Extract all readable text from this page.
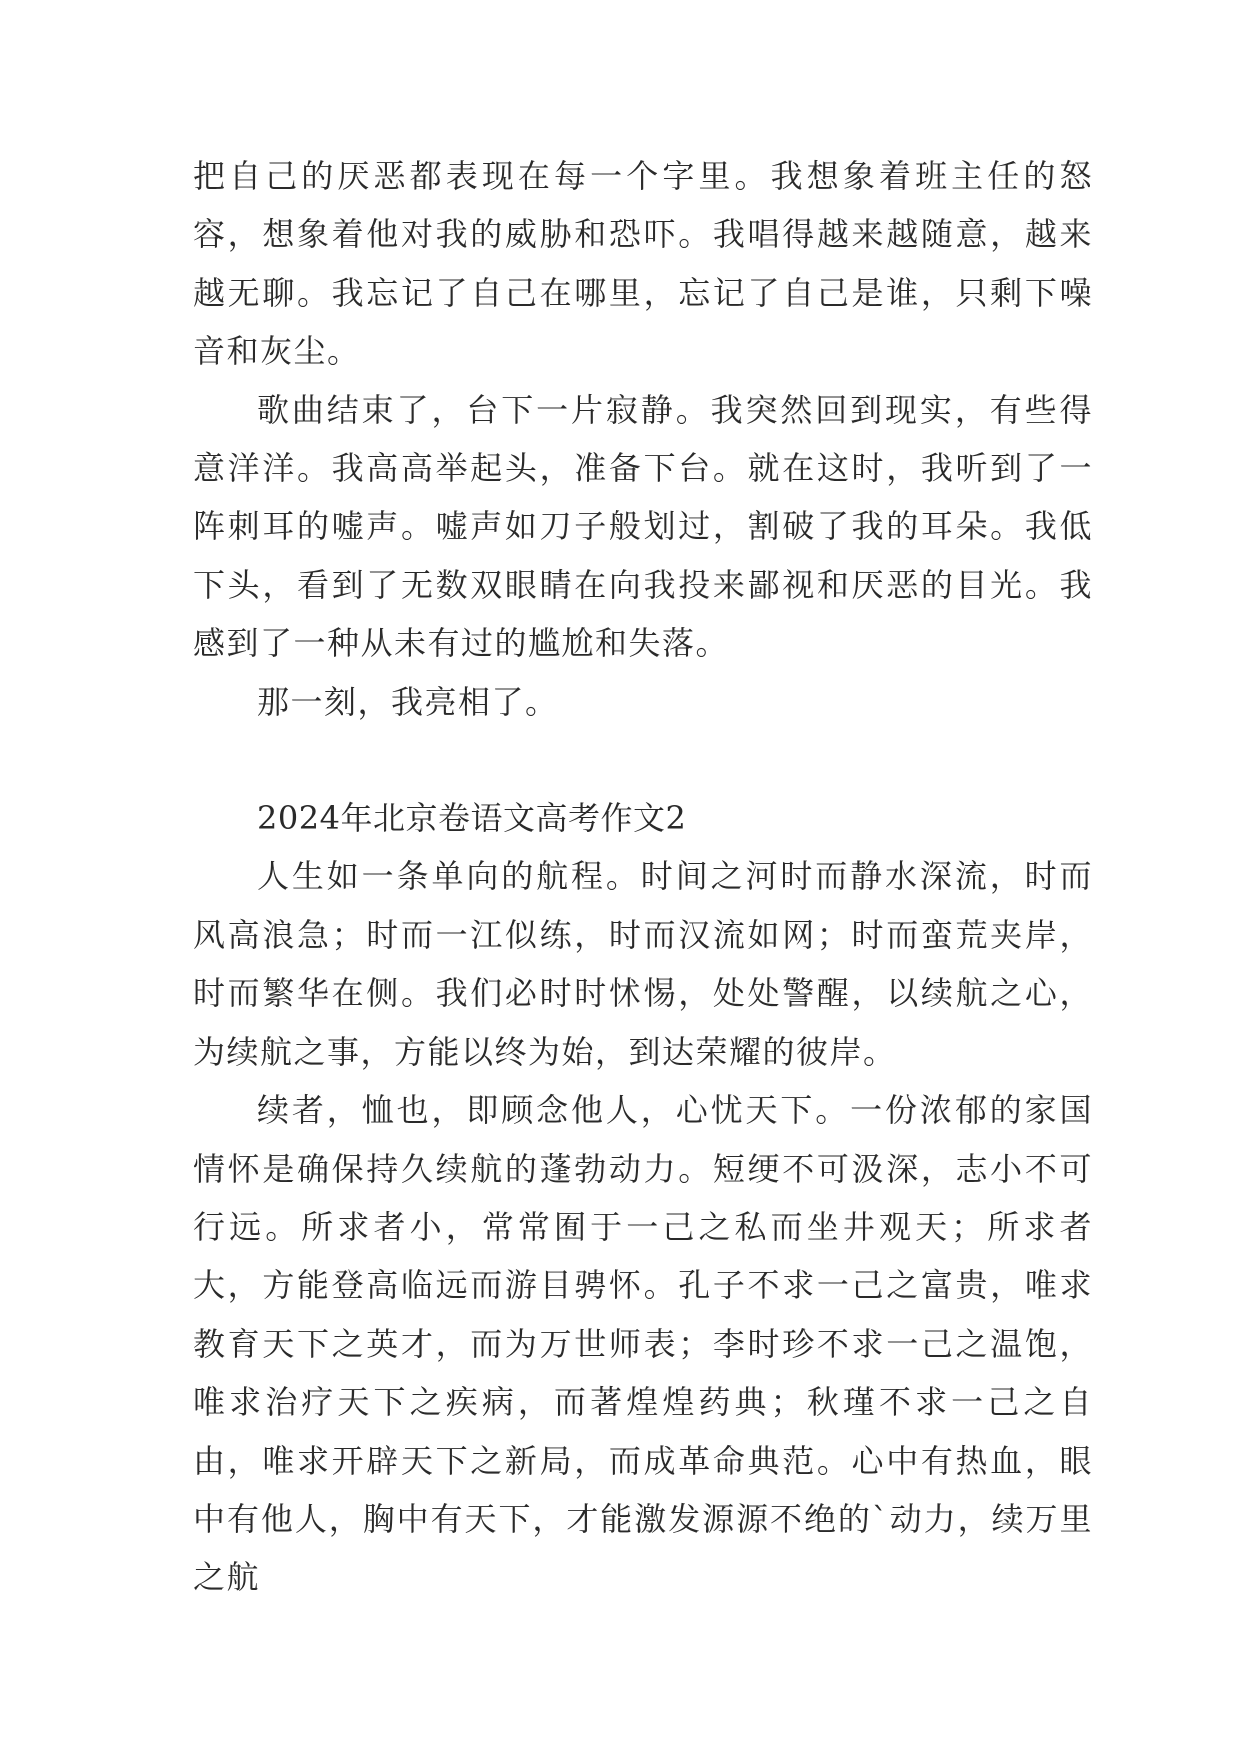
把自己的厌恶都表现在每一个字里。我想象着班主任的怒容，想象着他对我的威胁和恐吓。我唱得越来越随意，越来越无聊。我忘记了自己在哪里，忘记了自己是谁，只剩下噪音和灰尘。

歌曲结束了，台下一片寂静。我突然回到现实，有些得意洋洋。我高高举起头，准备下台。就在这时，我听到了一阵刺耳的嘘声。嘘声如刀子般划过，割破了我的耳朵。我低下头，看到了无数双眼睛在向我投来鄙视和厌恶的目光。我感到了一种从未有过的尴尬和失落。

那一刻，我亮相了。

2024年北京卷语文高考作文2

人生如一条单向的航程。时间之河时而静水深流，时而风高浪急；时而一江似练，时而汉流如网；时而蛮荒夹岸，时而繁华在侧。我们必时时怵惕，处处警醒，以续航之心，为续航之事，方能以终为始，到达荣耀的彼岸。

续者，恤也，即顾念他人，心忧天下。一份浓郁的家国情怀是确保持久续航的蓬勃动力。短绠不可汲深，志小不可行远。所求者小，常常囿于一己之私而坐井观天；所求者大，方能登高临远而游目骋怀。孔子不求一己之富贵，唯求教育天下之英才，而为万世师表；李时珍不求一己之温饱，唯求治疗天下之疾病，而著煌煌药典；秋瑾不求一己之自由，唯求开辟天下之新局，而成革命典范。心中有热血，眼中有他人，胸中有天下，才能激发源源不绝的`动力，续万里之航
